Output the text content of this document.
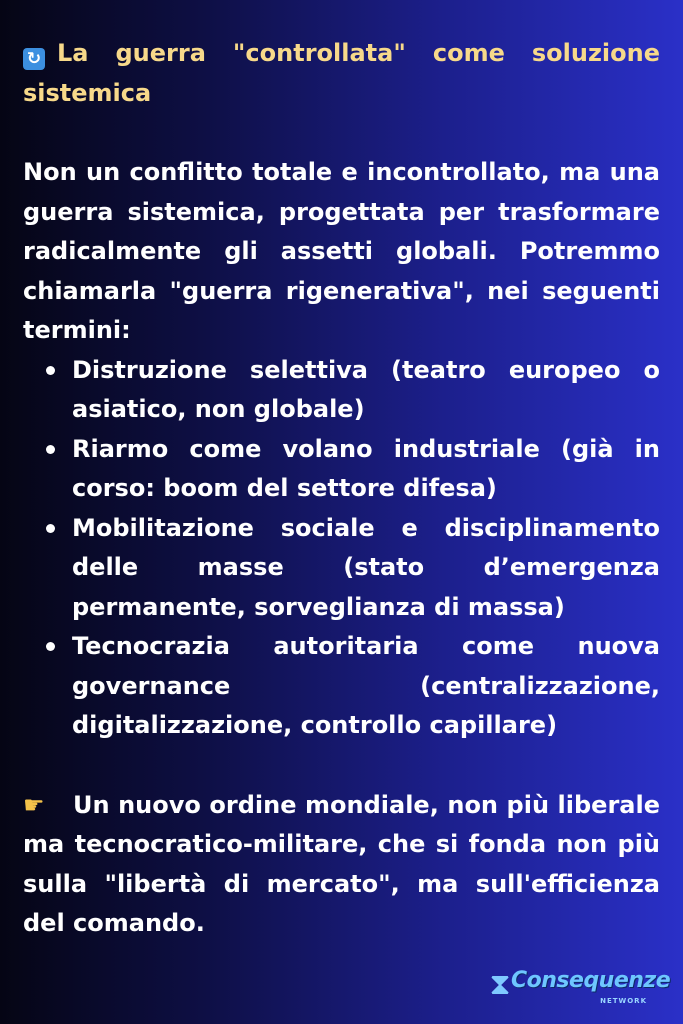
↻ La guerra "controllata" come soluzione sistemica
Non un conflitto totale e incontrollato, ma una guerra sistemica, progettata per trasformare radicalmente gli assetti globali. Potremmo chiamarla "guerra rigenerativa", nei seguenti termini:
Distruzione selettiva (teatro europeo o asiatico, non globale)
Riarmo come volano industriale (già in corso: boom del settore difesa)
Mobilitazione sociale e disciplinamento delle masse (stato d’emergenza permanente, sorveglianza di massa)
Tecnocrazia autoritaria come nuova governance (centralizzazione, digitalizzazione, controllo capillare)
☛ Un nuovo ordine mondiale, non più liberale ma tecnocratico-militare, che si fonda non più sulla "libertà di mercato", ma sull'efficienza del comando.
⧗ Consequenze
NETWORK
